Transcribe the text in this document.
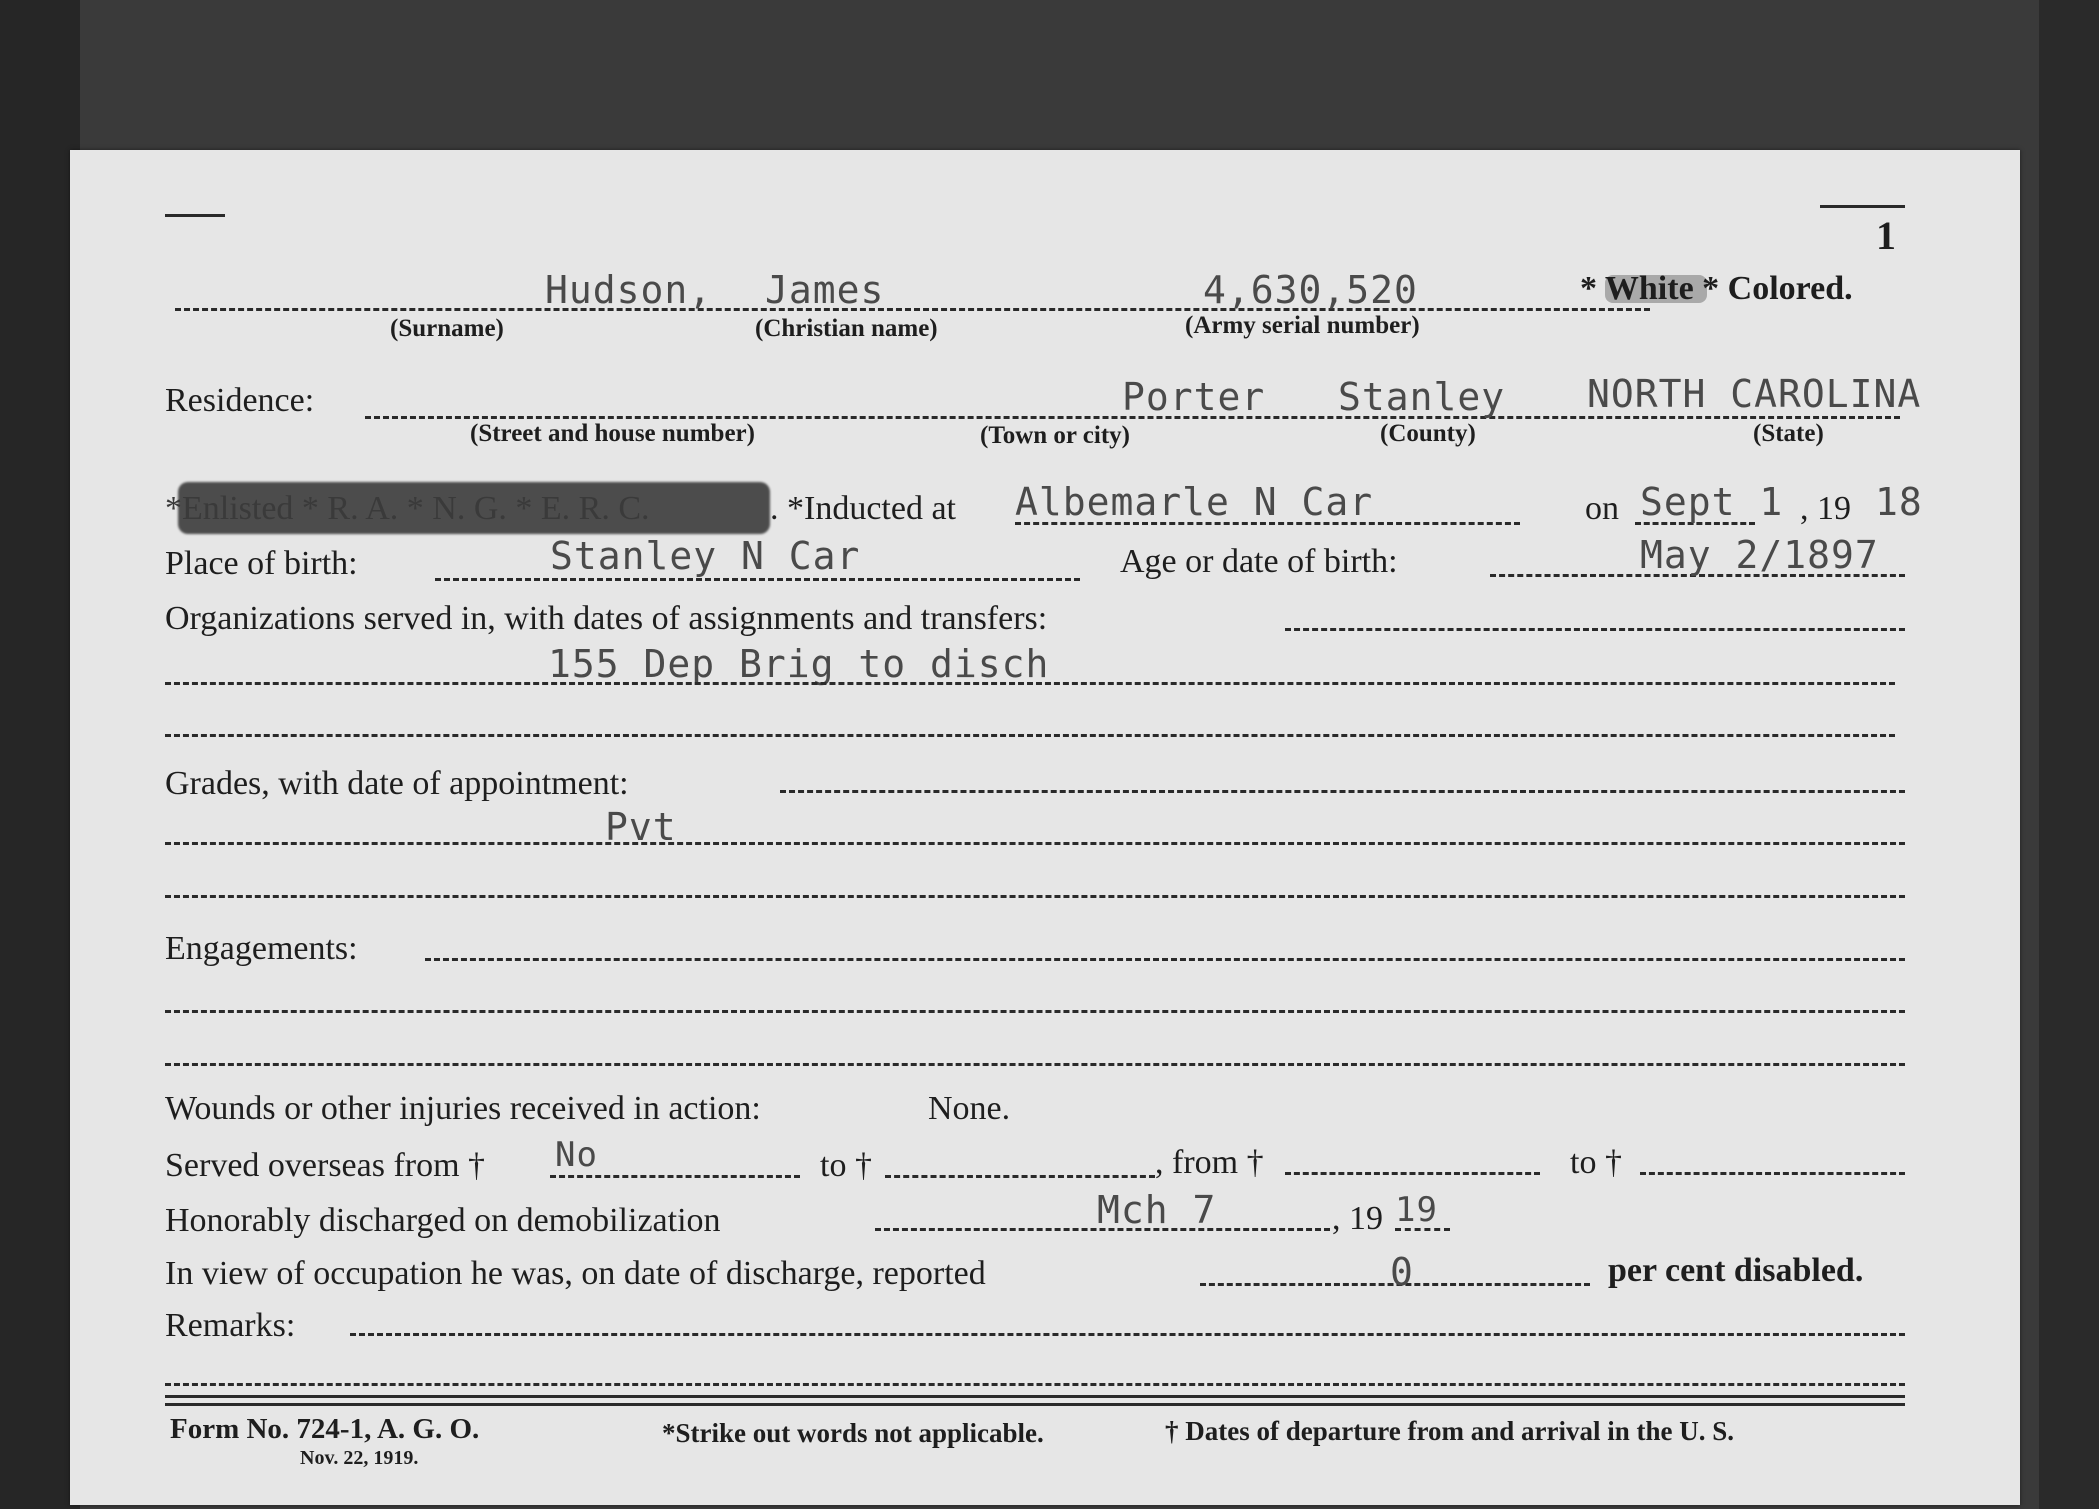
1
Hudson, James	4,630,520	* White * Colored.
(Surname)	(Christian name)	(Army serial number)
Residence:	Porter Stanley NORTH CAROLINA
(Street and house number)	(Town or city)	(County)	(State)
*Enlisted * R. A. * N. G. * E. R. C.	. *Inducted at Albemarle N Car	on Sept 1 , 19 18
Place of birth:	Stanley N Car	Age or date of birth:	May 2/1897
Organizations served in, with dates of assignments and transfers:
155 Dep Brig to disch
Grades, with date of appointment:
Pvt
Engagements:
Wounds or other injuries received in action:	None.
Served overseas from † No	to †	, from †	to †
Honorably discharged on demobilization	Mch 7	, 19 19
In view of occupation he was, on date of discharge, reported	0	per cent disabled.
Remarks:
Form No. 724-1, A. G. O.
Nov. 22, 1919.
*Strike out words not applicable.	† Dates of departure from and arrival in the U. S.
